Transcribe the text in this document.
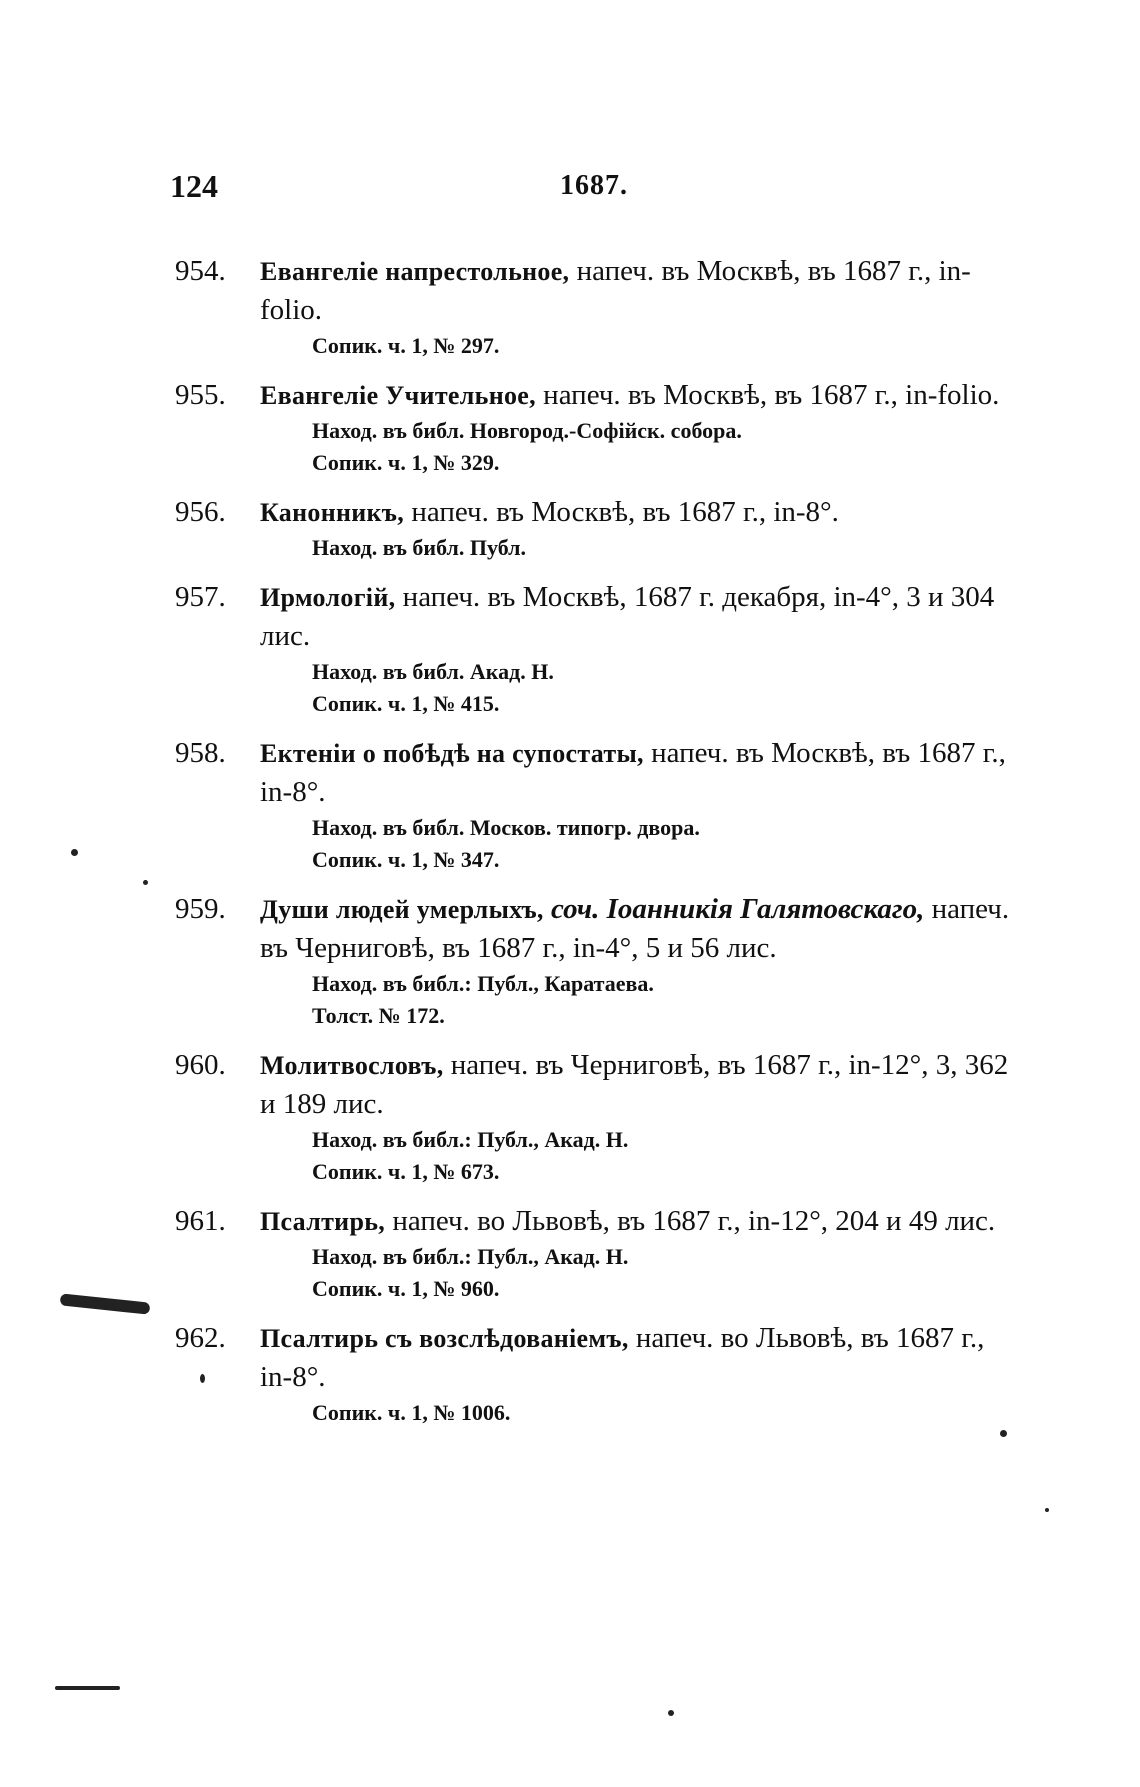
124	1687.
954.	Евангеліе напрестольное, напеч. въ Москвѣ, въ 1687 г., in-folio.
Сопик. ч. 1, № 297.
955.	Евангеліе Учительное, напеч. въ Москвѣ, въ 1687 г., in-folio.
Наход. въ библ. Новгород.-Софійск. собора.
Сопик. ч. 1, № 329.
956.	Канонникъ, напеч. въ Москвѣ, въ 1687 г., in-8°.
Наход. въ библ. Публ.
957.	Ирмологій, напеч. въ Москвѣ, 1687 г. декабря, in-4°, 3 и 304 лис.
Наход. въ библ. Акад. Н.
Сопик. ч. 1, № 415.
958.	Ектеніи о побѣдѣ на супостаты, напеч. въ Москвѣ, въ 1687 г., in-8°.
Наход. въ библ. Москов. типогр. двора.
Сопик. ч. 1, № 347.
959.	Души людей умерлыхъ, соч. Іоанникія Галятовскаго, напеч. въ Черниговѣ, въ 1687 г., in-4°, 5 и 56 лис.
Наход. въ библ.: Публ., Каратаева.
Толст. № 172.
960.	Молитвословъ, напеч. въ Черниговѣ, въ 1687 г., in-12°, 3, 362 и 189 лис.
Наход. въ библ.: Публ., Акад. Н.
Сопик. ч. 1, № 673.
961.	Псалтирь, напеч. во Львовѣ, въ 1687 г., in-12°, 204 и 49 лис.
Наход. въ библ.: Публ., Акад. Н.
Сопик. ч. 1, № 960.
962.	Псалтирь съ возслѣдованіемъ, напеч. во Львовѣ, въ 1687 г., in-8°.
Сопик. ч. 1, № 1006.
